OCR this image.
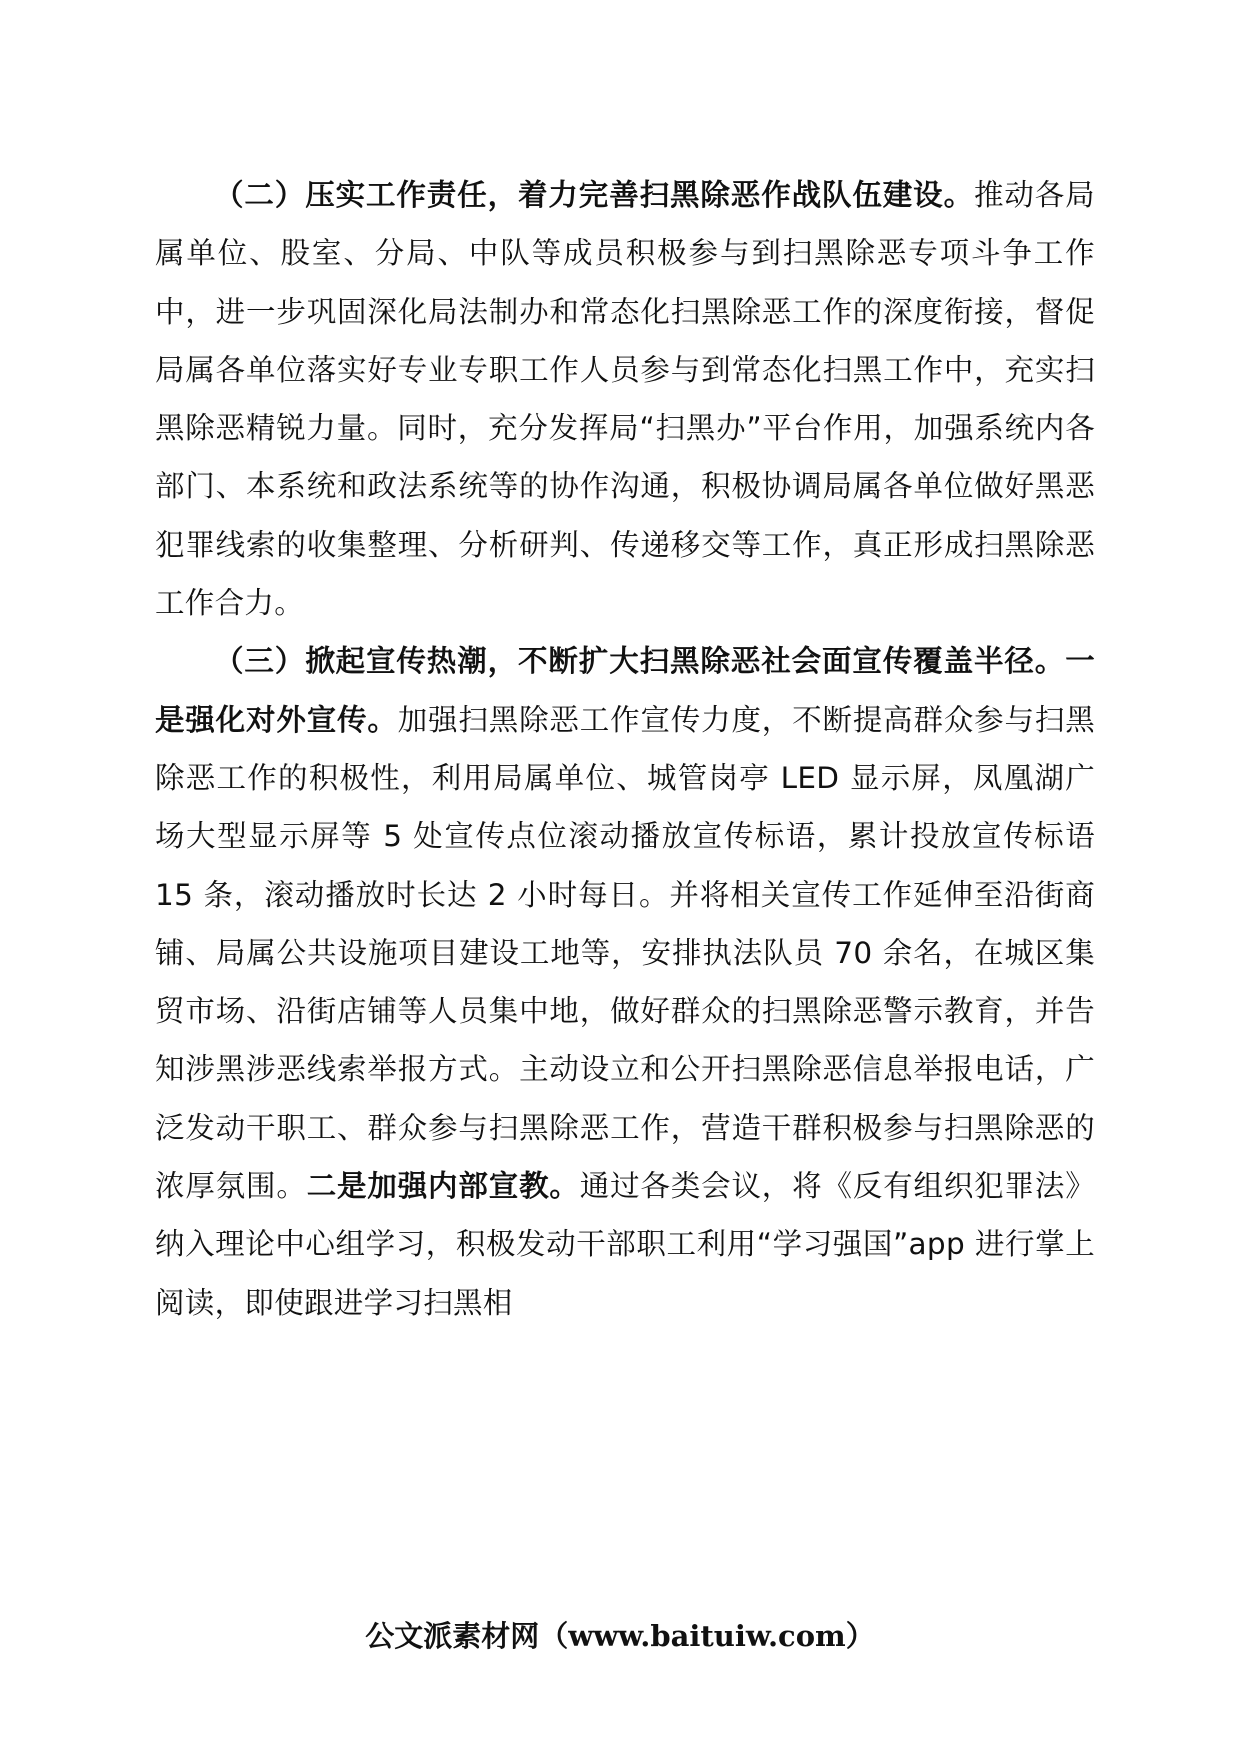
（二）压实工作责任，着力完善扫黑除恶作战队伍建设。推动各局属单位、股室、分局、中队等成员积极参与到扫黑除恶专项斗争工作中，进一步巩固深化局法制办和常态化扫黑除恶工作的深度衔接，督促局属各单位落实好专业专职工作人员参与到常态化扫黑工作中，充实扫黑除恶精锐力量。同时，充分发挥局“扫黑办”平台作用，加强系统内各部门、本系统和政法系统等的协作沟通，积极协调局属各单位做好黑恶犯罪线索的收集整理、分析研判、传递移交等工作，真正形成扫黑除恶工作合力。

（三）掀起宣传热潮，不断扩大扫黑除恶社会面宣传覆盖半径。一是强化对外宣传。加强扫黑除恶工作宣传力度，不断提高群众参与扫黑除恶工作的积极性，利用局属单位、城管岗亭 LED 显示屏，凤凰湖广场大型显示屏等 5 处宣传点位滚动播放宣传标语，累计投放宣传标语 15 条，滚动播放时长达 2 小时每日。并将相关宣传工作延伸至沿街商铺、局属公共设施项目建设工地等，安排执法队员 70 余名，在城区集贸市场、沿街店铺等人员集中地，做好群众的扫黑除恶警示教育，并告知涉黑涉恶线索举报方式。主动设立和公开扫黑除恶信息举报电话，广泛发动干职工、群众参与扫黑除恶工作，营造干群积极参与扫黑除恶的浓厚氛围。二是加强内部宣教。通过各类会议，将《反有组织犯罪法》纳入理论中心组学习，积极发动干部职工利用“学习强国”app 进行掌上阅读，即使跟进学习扫黑相

公文派素材网（www.baituiw.com）
